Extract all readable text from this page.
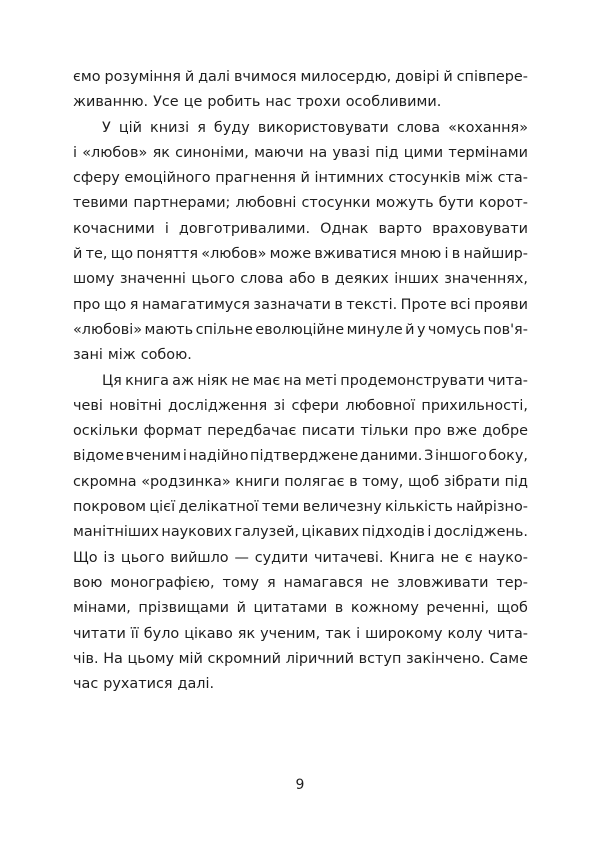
ємо розуміння й далі вчимося милосердю, довірі й співпере-
живанню. Усе це робить нас трохи особливими.
У цій книзі я буду використовувати слова «кохання»
і «любов» як синоніми, маючи на увазі під цими термінами
сферу емоційного прагнення й інтимних стосунків між ста-
тевими партнерами; любовні стосунки можуть бути корот-
кочасними і довготривалими. Однак варто враховувати
й те, що поняття «любов» може вживатися мною і в найшир-
шому значенні цього слова або в деяких інших значеннях,
про що я намагатимуся зазначати в тексті. Проте всі прояви
«любові» мають спільне еволюційне минуле й у чомусь пов'я-
зані між собою.
Ця книга аж ніяк не має на меті продемонструвати чита-
чеві новітні дослідження зі сфери любовної прихильності,
оскільки формат передбачає писати тільки про вже добре
відоме вченим і надійно підтверджене даними. З іншого боку,
скромна «родзинка» книги полягає в тому, щоб зібрати під
покровом цієї делікатної теми величезну кількість найрізно-
манітніших наукових галузей, цікавих підходів і досліджень.
Що із цього вийшло — судити читачеві. Книга не є науко-
вою монографією, тому я намагався не зловживати тер-
мінами, прізвищами й цитатами в кожному реченні, щоб
читати її було цікаво як ученим, так і широкому колу чита-
чів. На цьому мій скромний ліричний вступ закінчено. Саме
час рухатися далі.
9
